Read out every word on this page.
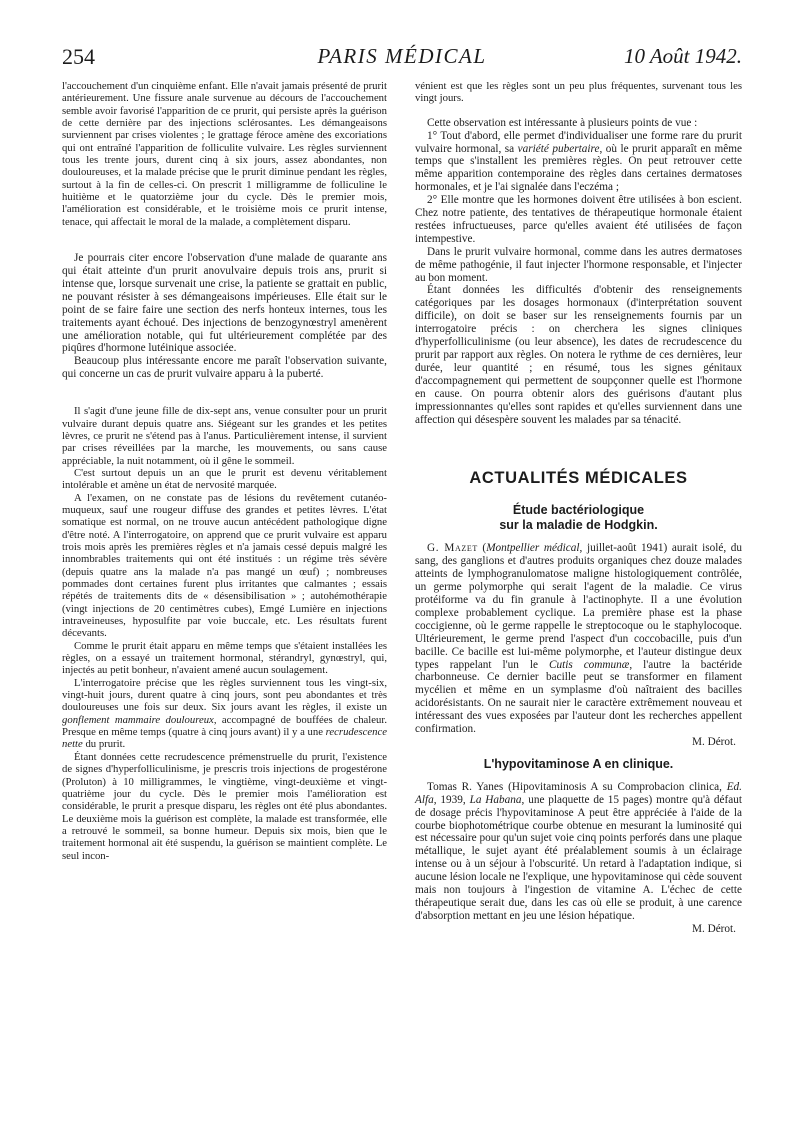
254	PARIS MÉDICAL	10 Août 1942.

l'accouchement d'un cinquième enfant. Elle n'avait jamais présenté de prurit antérieurement. Une fissure anale survenue au décours de l'accouchement semble avoir favorisé l'apparition de ce prurit, qui persiste après la guérison de cette dernière par des injections sclérosantes. Les démangeaisons surviennent par crises violentes ; le grattage féroce amène des excoriations qui ont entraîné l'apparition de folliculite vulvaire. Les règles surviennent tous les trente jours, durent cinq à six jours, assez abondantes, non douloureuses, et la malade précise que le prurit diminue pendant les règles, surtout à la fin de celles-ci. On prescrit 1 milligramme de folliculine le huitième et le quatorzième jour du cycle. Dès le premier mois, l'amélioration est considérable, et le troisième mois ce prurit intense, tenace, qui affectait le moral de la malade, a complètement disparu.

Je pourrais citer encore l'observation d'une malade de quarante ans qui était atteinte d'un prurit anovulvaire depuis trois ans, prurit si intense que, lorsque survenait une crise, la patiente se grattait en public, ne pouvant résister à ses démangeaisons impérieuses. Elle était sur le point de se faire faire une section des nerfs honteux internes, tous les traitements ayant échoué. Des injections de benzogynœstryl amenèrent une amélioration notable, qui fut ultérieurement complétée par des piqûres d'hormone lutéinique associée.

Beaucoup plus intéressante encore me paraît l'observation suivante, qui concerne un cas de prurit vulvaire apparu à la puberté.

Il s'agit d'une jeune fille de dix-sept ans, venue consulter pour un prurit vulvaire durant depuis quatre ans. Siégeant sur les grandes et les petites lèvres, ce prurit ne s'étend pas à l'anus. Particulièrement intense, il survient par crises réveillées par la marche, les mouvements, ou sans cause appréciable, la nuit notamment, où il gêne le sommeil.

C'est surtout depuis un an que le prurit est devenu véritablement intolérable et amène un état de nervosité marquée.

A l'examen, on ne constate pas de lésions du revêtement cutanéo-muqueux, sauf une rougeur diffuse des grandes et petites lèvres. L'état somatique est normal, on ne trouve aucun antécédent pathologique digne d'être noté. A l'interrogatoire, on apprend que ce prurit vulvaire est apparu trois mois après les premières règles et n'a jamais cessé depuis malgré les innombrables traitements qui ont été institués : un régime très sévère (depuis quatre ans la malade n'a pas mangé un œuf) ; nombreuses pommades dont certaines furent plus irritantes que calmantes ; essais répétés de traitements dits de « désensibilisation » ; autohémothérapie (vingt injections de 20 centimètres cubes), Emgé Lumière en injections intraveineuses, hyposulfite par voie buccale, etc. Les résultats furent décevants.

Comme le prurit était apparu en même temps que s'étaient installées les règles, on a essayé un traitement hormonal, stérandryl, gynœstryl, qui, injectés au petit bonheur, n'avaient amené aucun soulagement.

L'interrogatoire précise que les règles surviennent tous les vingt-six, vingt-huit jours, durent quatre à cinq jours, sont peu abondantes et très douloureuses une fois sur deux. Six jours avant les règles, il existe un gonflement mammaire douloureux, accompagné de bouffées de chaleur. Presque en même temps (quatre à cinq jours avant) il y a une recrudescence nette du prurit.

Étant données cette recrudescence prémenstruelle du prurit, l'existence de signes d'hyperfolliculinisme, je prescris trois injections de progestérone (Proluton) à 10 milligrammes, le vingtième, vingt-deuxième et vingt-quatrième jour du cycle. Dès le premier mois l'amélioration est considérable, le prurit a presque disparu, les règles ont été plus abondantes. Le deuxième mois la guérison est complète, la malade est transformée, elle a retrouvé le sommeil, sa bonne humeur. Depuis six mois, bien que le traitement hormonal ait été suspendu, la guérison se maintient complète. Le seul incon-

vénient est que les règles sont un peu plus fréquentes, survenant tous les vingt jours.

Cette observation est intéressante à plusieurs points de vue :

1° Tout d'abord, elle permet d'individualiser une forme rare du prurit vulvaire hormonal, sa variété pubertaire, où le prurit apparaît en même temps que s'installent les premières règles. On peut retrouver cette même apparition contemporaine des règles dans certaines dermatoses hormonales, et je l'ai signalée dans l'eczéma ;

2° Elle montre que les hormones doivent être utilisées à bon escient. Chez notre patiente, des tentatives de thérapeutique hormonale étaient restées infructueuses, parce qu'elles avaient été utilisées de façon intempestive.

Dans le prurit vulvaire hormonal, comme dans les autres dermatoses de même pathogénie, il faut injecter l'hormone responsable, et l'injecter au bon moment.

Étant données les difficultés d'obtenir des renseignements catégoriques par les dosages hormonaux (d'interprétation souvent difficile), on doit se baser sur les renseignements fournis par un interrogatoire précis : on cherchera les signes cliniques d'hyperfolliculinisme (ou leur absence), les dates de recrudescence du prurit par rapport aux règles. On notera le rythme de ces dernières, leur durée, leur quantité ; en résumé, tous les signes génitaux d'accompagnement qui permettent de soupçonner quelle est l'hormone en cause. On pourra obtenir alors des guérisons d'autant plus impressionnantes qu'elles sont rapides et qu'elles surviennent dans une affection qui désespère souvent les malades par sa ténacité.

ACTUALITÉS MÉDICALES
Étude bactériologique
sur la maladie de Hodgkin.

G. Mazet (Montpellier médical, juillet-août 1941) aurait isolé, du sang, des ganglions et d'autres produits organiques chez douze malades atteints de lymphogranulomatose maligne histologiquement contrôlée, un germe polymorphe qui serait l'agent de la maladie. Ce virus protéiforme va du fin granule à l'actinophyte. Il a une évolution complexe probablement cyclique. La première phase est la phase coccigienne, où le germe rappelle le streptocoque ou le staphylocoque. Ultérieurement, le germe prend l'aspect d'un coccobacille, puis d'un bacille. Ce bacille est lui-même polymorphe, et l'auteur distingue deux types rappelant l'un le Cutis communæ, l'autre la bactéride charbonneuse. Ce dernier bacille peut se transformer en filament mycélien et même en un symplasme d'où naîtraient des bacilles acidorésistants. On ne saurait nier le caractère extrêmement nouveau et intéressant des vues exposées par l'auteur dont les recherches appellent confirmation.

M. Dérot.

L'hypovitaminose A en clinique.

Tomas R. Yanes (Hipovitaminosis A su Comprobacion clinica, Ed. Alfa, 1939, La Habana, une plaquette de 15 pages) montre qu'à défaut de dosage précis l'hypovitaminose A peut être appréciée à l'aide de la courbe biophotométrique courbe obtenue en mesurant la luminosité qui est nécessaire pour qu'un sujet voie cinq points perforés dans une plaque métallique, le sujet ayant été préalablement soumis à un éclairage intense ou à un séjour à l'obscurité. Un retard à l'adaptation indique, si aucune lésion locale ne l'explique, une hypovitaminose qui cède souvent mais non toujours à l'ingestion de vitamine A. L'échec de cette thérapeutique serait due, dans les cas où elle se produit, à une carence d'absorption mettant en jeu une lésion hépatique.

M. Dérot.
